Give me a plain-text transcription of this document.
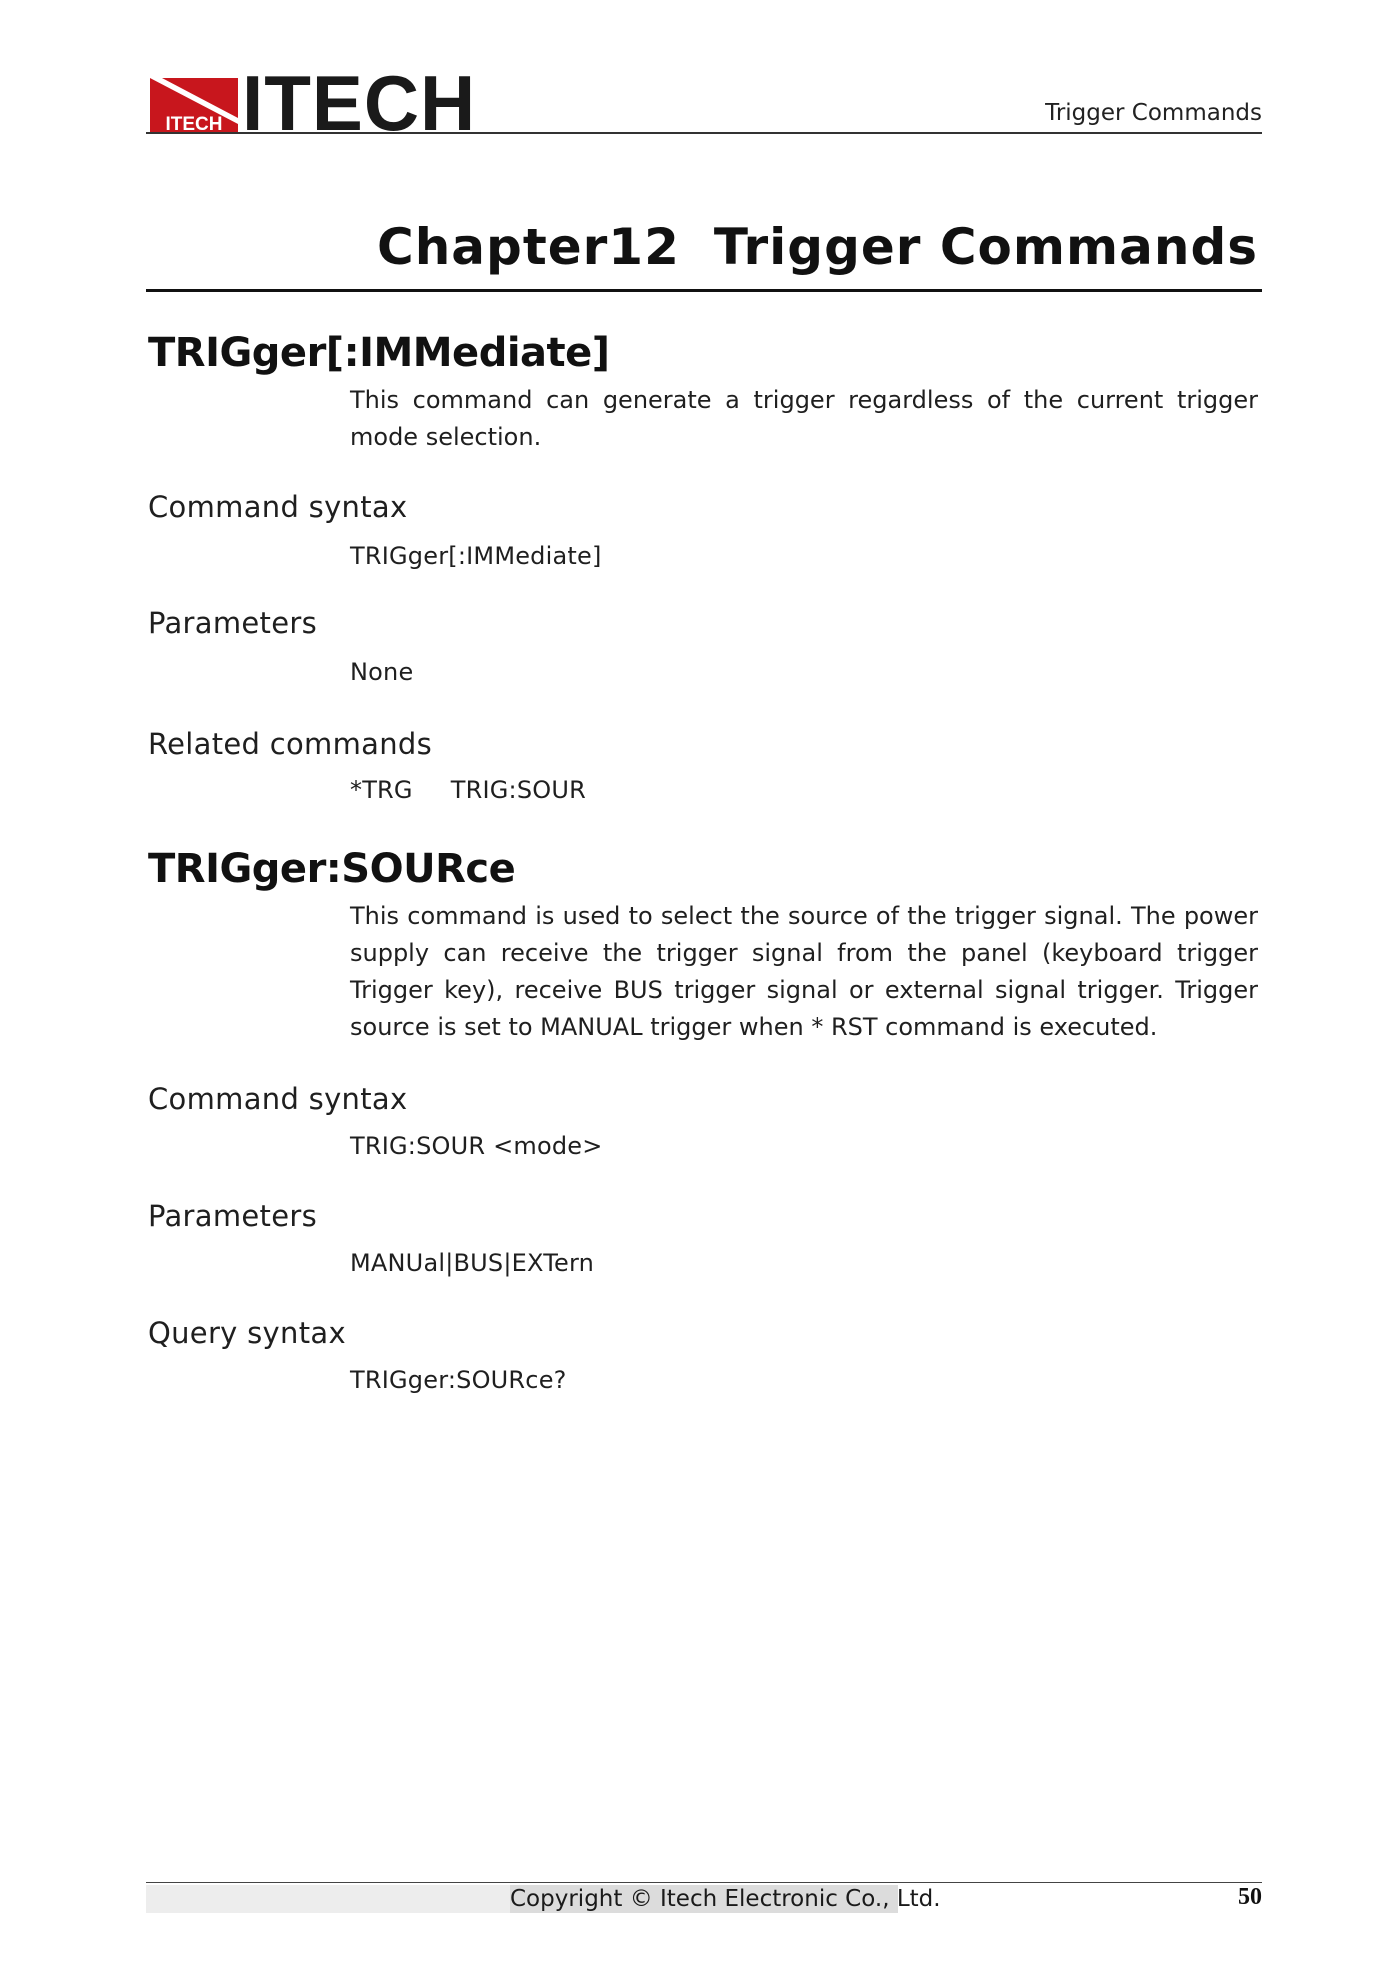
ITECH ITECH	Trigger Commands
Chapter12 Trigger Commands
TRIGger[:IMMediate]
This command can generate a trigger regardless of the current trigger mode selection.
Command syntax
TRIGger[:IMMediate]
Parameters
None
Related commands
*TRG TRIG:SOUR
TRIGger:SOURce
This command is used to select the source of the trigger signal. The power supply can receive the trigger signal from the panel (keyboard trigger Trigger key), receive BUS trigger signal or external signal trigger. Trigger source is set to MANUAL trigger when * RST command is executed.
Command syntax
TRIG:SOUR <mode>
Parameters
MANUal|BUS|EXTern
Query syntax
TRIGger:SOURce?
Copyright © Itech Electronic Co., Ltd.	50
